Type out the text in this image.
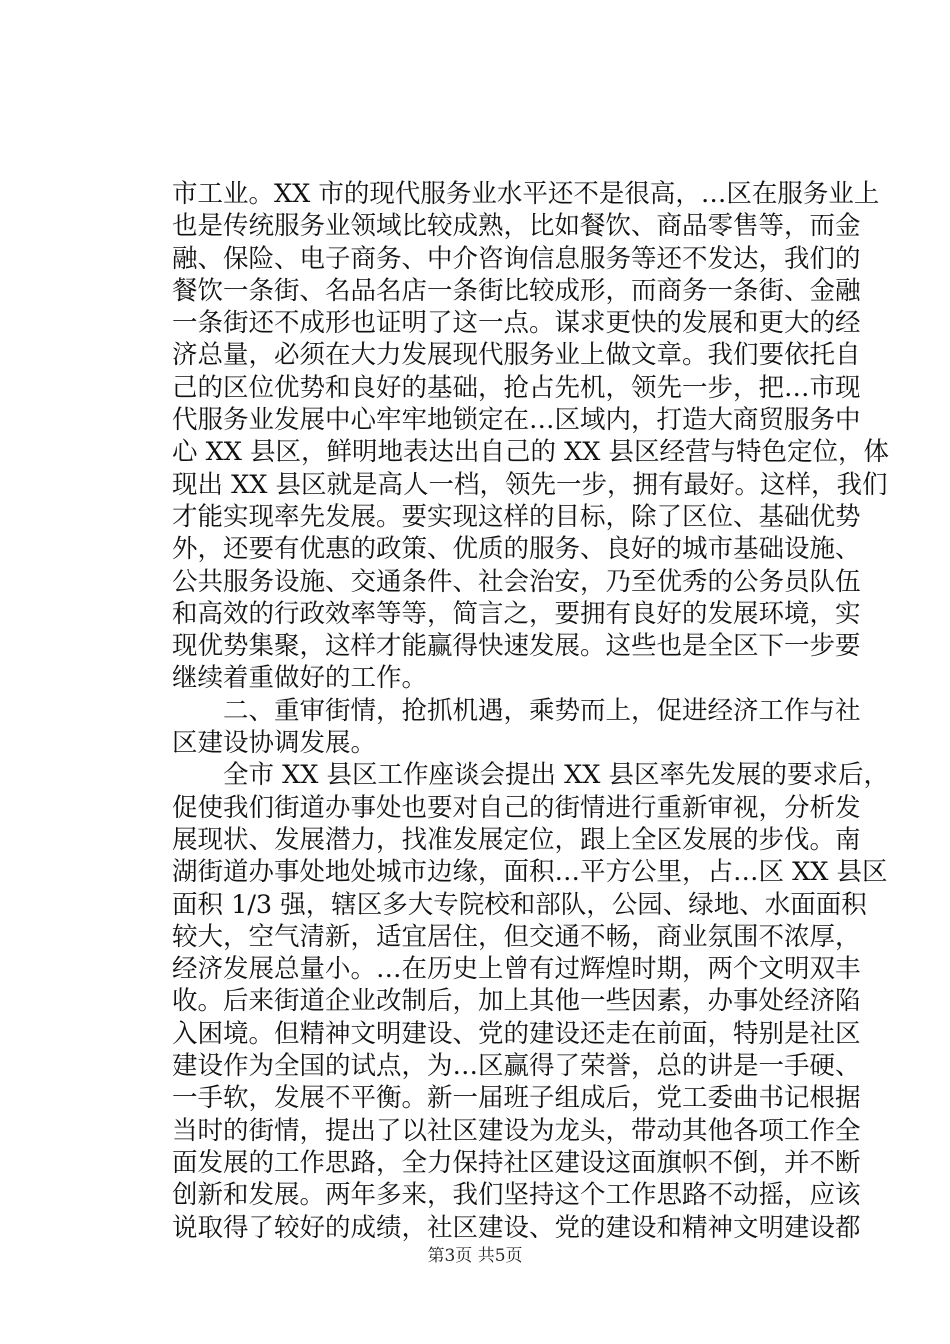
市工业。XX 市的现代服务业水平还不是很高，…区在服务业上
也是传统服务业领域比较成熟，比如餐饮、商品零售等，而金
融、保险、电子商务、中介咨询信息服务等还不发达，我们的
餐饮一条街、名品名店一条街比较成形，而商务一条街、金融
一条街还不成形也证明了这一点。谋求更快的发展和更大的经
济总量，必须在大力发展现代服务业上做文章。我们要依托自
己的区位优势和良好的基础，抢占先机，领先一步，把…市现
代服务业发展中心牢牢地锁定在…区域内，打造大商贸服务中
心 XX 县区，鲜明地表达出自己的 XX 县区经营与特色定位，体
现出 XX 县区就是高人一档，领先一步，拥有最好。这样，我们
才能实现率先发展。要实现这样的目标，除了区位、基础优势
外，还要有优惠的政策、优质的服务、良好的城市基础设施、
公共服务设施、交通条件、社会治安，乃至优秀的公务员队伍
和高效的行政效率等等，简言之，要拥有良好的发展环境，实
现优势集聚，这样才能赢得快速发展。这些也是全区下一步要
继续着重做好的工作。
　　二、重审街情，抢抓机遇，乘势而上，促进经济工作与社
区建设协调发展。
　　全市 XX 县区工作座谈会提出 XX 县区率先发展的要求后，
促使我们街道办事处也要对自己的街情进行重新审视，分析发
展现状、发展潜力，找准发展定位，跟上全区发展的步伐。南
湖街道办事处地处城市边缘，面积…平方公里，占…区 XX 县区
面积 1/3 强，辖区多大专院校和部队，公园、绿地、水面面积
较大，空气清新，适宜居住，但交通不畅，商业氛围不浓厚，
经济发展总量小。…在历史上曾有过辉煌时期，两个文明双丰
收。后来街道企业改制后，加上其他一些因素，办事处经济陷
入困境。但精神文明建设、党的建设还走在前面，特别是社区
建设作为全国的试点，为…区赢得了荣誉，总的讲是一手硬、
一手软，发展不平衡。新一届班子组成后，党工委曲书记根据
当时的街情，提出了以社区建设为龙头，带动其他各项工作全
面发展的工作思路，全力保持社区建设这面旗帜不倒，并不断
创新和发展。两年多来，我们坚持这个工作思路不动摇，应该
说取得了较好的成绩，社区建设、党的建设和精神文明建设都
第3页 共5页
